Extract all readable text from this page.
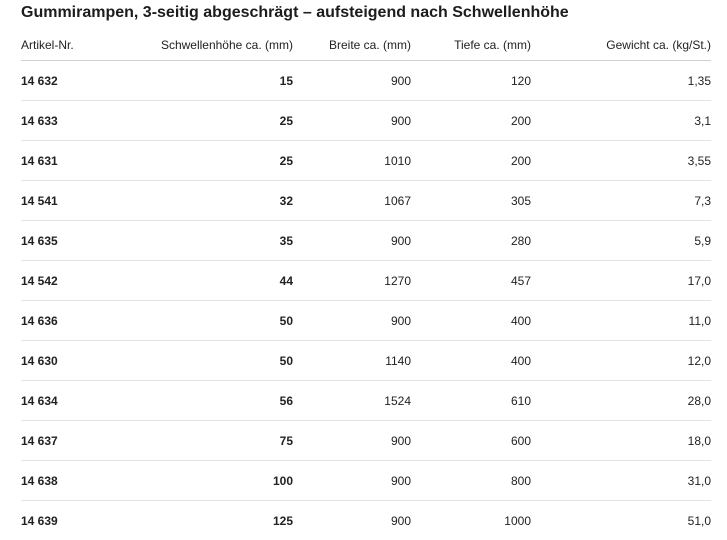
Gummirampen, 3-seitig abgeschrägt – aufsteigend nach Schwellenhöhe
Artikel-Nr.	Schwellenhöhe ca. (mm)	Breite ca. (mm)	Tiefe ca. (mm)	Gewicht ca. (kg/St.)
14 632	15	900	120	1,35
14 633	25	900	200	3,1
14 631	25	1010	200	3,55
14 541	32	1067	305	7,3
14 635	35	900	280	5,9
14 542	44	1270	457	17,0
14 636	50	900	400	11,0
14 630	50	1140	400	12,0
14 634	56	1524	610	28,0
14 637	75	900	600	18,0
14 638	100	900	800	31,0
14 639	125	900	1000	51,0
